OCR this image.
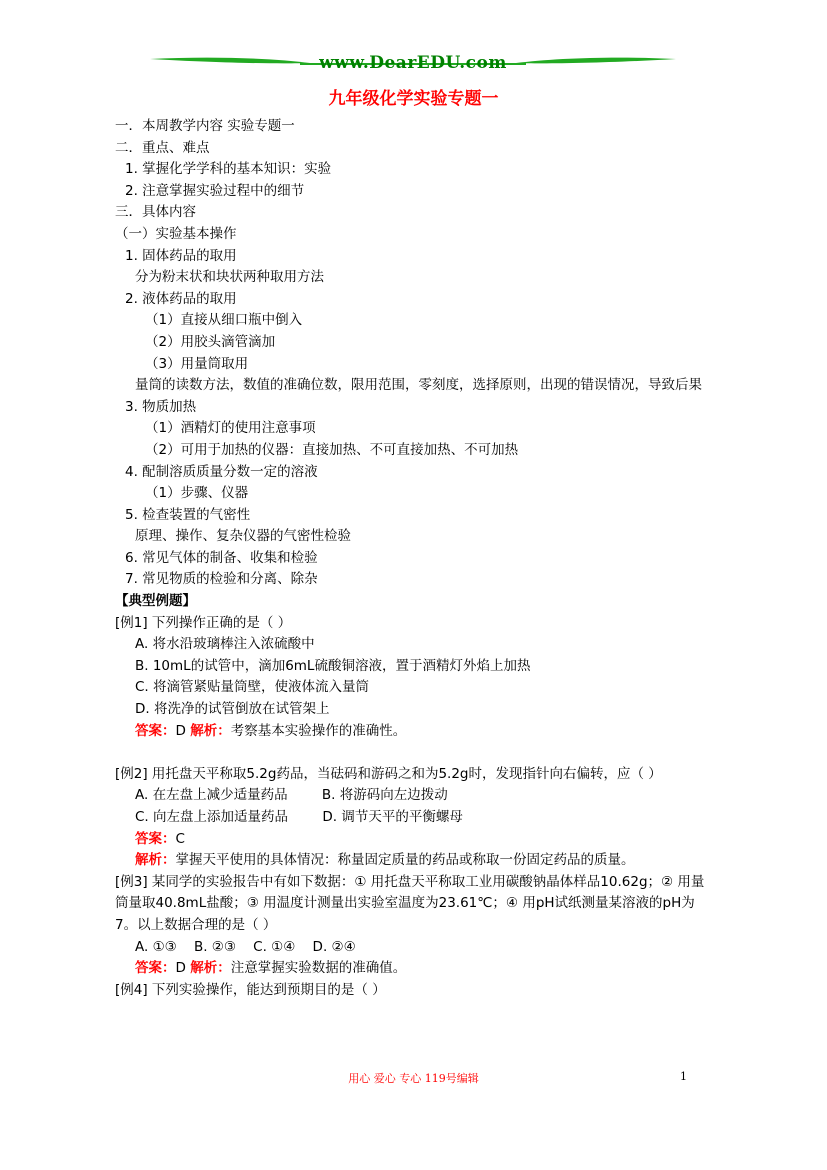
www.DearEDU.com
九年级化学实验专题一
一．本周教学内容 实验专题一
二．重点、难点
1. 掌握化学学科的基本知识：实验
2. 注意掌握实验过程中的细节
三．具体内容
（一）实验基本操作
1. 固体药品的取用
分为粉末状和块状两种取用方法
2. 液体药品的取用
（1）直接从细口瓶中倒入
（2）用胶头滴管滴加
（3）用量筒取用
量筒的读数方法，数值的准确位数，限用范围，零刻度，选择原则，出现的错误情况，导致后果
3. 物质加热
（1）酒精灯的使用注意事项
（2）可用于加热的仪器：直接加热、不可直接加热、不可加热
4. 配制溶质质量分数一定的溶液
（1）步骤、仪器
5. 检查装置的气密性
原理、操作、复杂仪器的气密性检验
6. 常见气体的制备、收集和检验
7. 常见物质的检验和分离、除杂
【典型例题】
[例1] 下列操作正确的是（ ）
A. 将水沿玻璃棒注入浓硫酸中
B. 10mL的试管中，滴加6mL硫酸铜溶液，置于酒精灯外焰上加热
C. 将滴管紧贴量筒壁，使液体流入量筒
D. 将洗净的试管倒放在试管架上
答案：D 解析：考察基本实验操作的准确性。
[例2] 用托盘天平称取5.2g药品，当砝码和游码之和为5.2g时，发现指针向右偏转，应（ ）
A. 在左盘上减少适量药品        B. 将游码向左边拨动
C. 向左盘上添加适量药品        D. 调节天平的平衡螺母
答案：C
解析：掌握天平使用的具体情况：称量固定质量的药品或称取一份固定药品的质量。
[例3] 某同学的实验报告中有如下数据：① 用托盘天平称取工业用碳酸钠晶体样品10.62g；② 用量筒量取40.8mL盐酸；③ 用温度计测量出实验室温度为23.61℃；④ 用pH试纸测量某溶液的pH为7。以上数据合理的是（ ）
A. ①③    B. ②③    C. ①④    D. ②④
答案：D 解析：注意掌握实验数据的准确值。
[例4] 下列实验操作，能达到预期目的是（ ）
用心 爱心 专心 119号编辑	1
